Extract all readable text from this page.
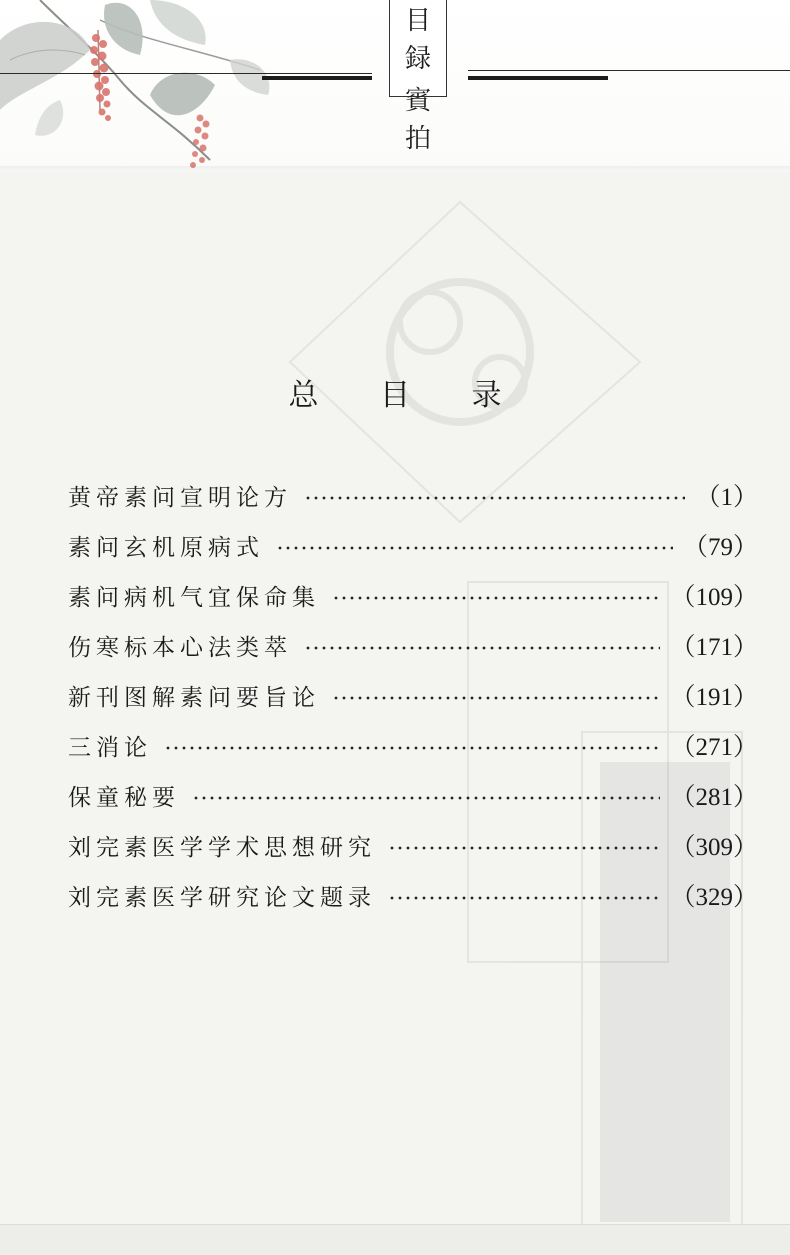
目
録
賓
拍
总 目 录
黄帝素问宣明论方	（1）
素问玄机原病式	（79）
素问病机气宜保命集	（109）
伤寒标本心法类萃	（171）
新刊图解素问要旨论	（191）
三消论	（271）
保童秘要	（281）
刘完素医学学术思想研究	（309）
刘完素医学研究论文题录	（329）
